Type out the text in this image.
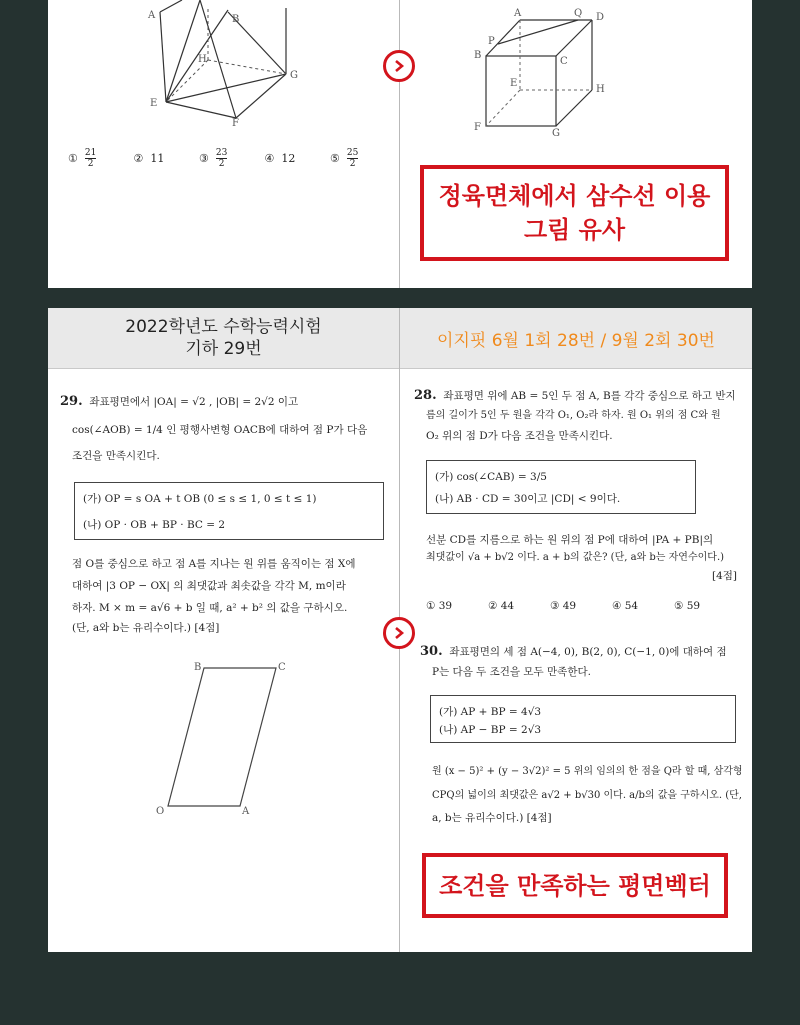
A	B
H
G
E
F
① $\frac{21}{2}$	② 11	③ $\frac{23}{2}$	④ 12	⑤ $\frac{25}{2}$
A	Q D
P
B
C
E
H
F
G
정육면체에서 삼수선 이용
그림 유사
2022학년도 수학능력시험
기하 29번	이지핏 6월 1회 28번 / 9월 2회 30번
29. 좌표평면에서 |OA| = √2 , |OB| = 2√2 이고
cos(∠AOB) = 1/4 인 평행사변형 OACB에 대하여 점 P가 다음
조건을 만족시킨다.
(가) OP = s OA + t OB (0 ≤ s ≤ 1, 0 ≤ t ≤ 1)
(나) OP · OB + BP · BC = 2
점 O를 중심으로 하고 점 A를 지나는 원 위를 움직이는 점 X에
대하여 |3 OP − OX| 의 최댓값과 최솟값을 각각 M, m이라
하자. M × m = a√6 + b 일 때, a² + b² 의 값을 구하시오.
(단, a와 b는 유리수이다.) [4점]
B	C
O	A
28. 좌표평면 위에 AB = 5인 두 점 A, B를 각각 중심으로 하고 반지
름의 길이가 5인 두 원을 각각 O₁, O₂라 하자. 원 O₁ 위의 점 C와 원
O₂ 위의 점 D가 다음 조건을 만족시킨다.
(가) cos(∠CAB) = 3/5
(나) AB · CD = 30이고 |CD| < 9이다.
선분 CD를 지름으로 하는 원 위의 점 P에 대하여 |PA + PB|의
최댓값이 √a + b√2 이다. a + b의 값은? (단, a와 b는 자연수이다.)
[4점]
① 39	② 44	③ 49	④ 54	⑤ 59
30. 좌표평면의 세 점 A(−4, 0), B(2, 0), C(−1, 0)에 대하여 점
P는 다음 두 조건을 모두 만족한다.
(가) AP + BP = 4√3
(나) AP − BP = 2√3
원 (x − 5)² + (y − 3√2)² = 5 위의 임의의 한 점을 Q라 할 때, 삼각형
CPQ의 넓이의 최댓값은 a√2 + b√30 이다. a/b의 값을 구하시오. (단,
a, b는 유리수이다.) [4점]
조건을 만족하는 평면벡터
